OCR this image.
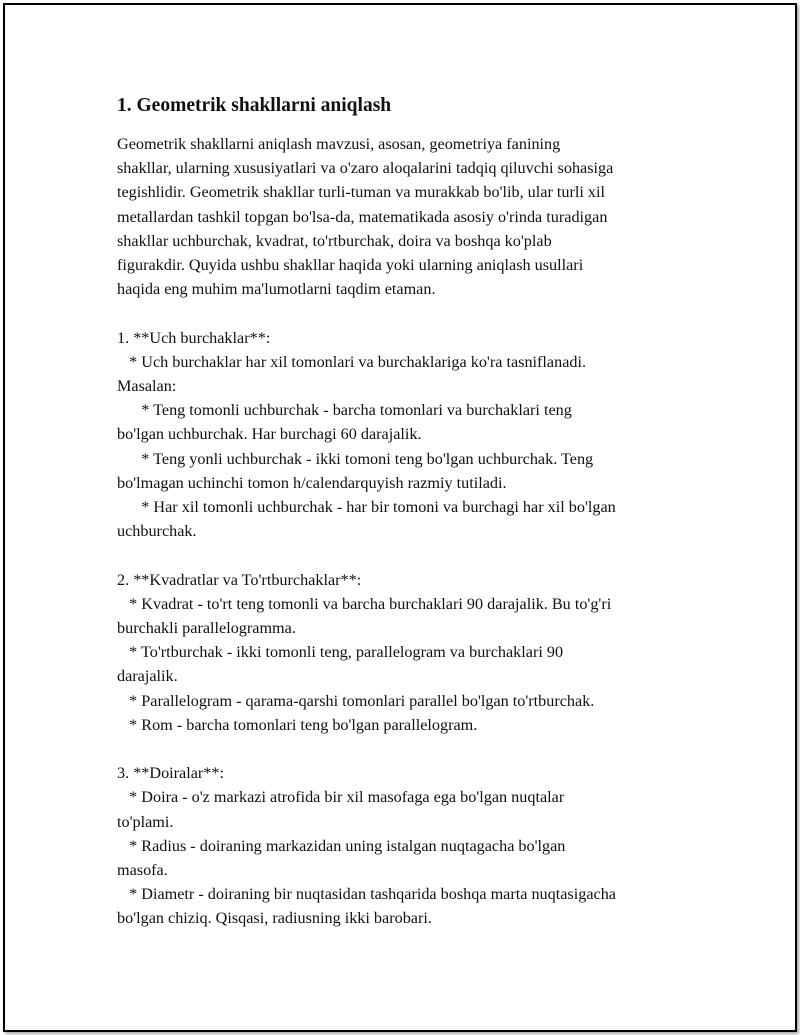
1. Geometrik shakllarni aniqlash
Geometrik shakllarni aniqlash mavzusi, asosan, geometriya fanining
shakllar, ularning xususiyatlari va o'zaro aloqalarini tadqiq qiluvchi sohasiga
tegishlidir. Geometrik shakllar turli-tuman va murakkab bo'lib, ular turli xil
metallardan tashkil topgan bo'lsa-da, matematikada asosiy o'rinda turadigan
shakllar uchburchak, kvadrat, to'rtburchak, doira va boshqa ko'plab
figurakdir. Quyida ushbu shakllar haqida yoki ularning aniqlash usullari
haqida eng muhim ma'lumotlarni taqdim etaman.
1. **Uch burchaklar**:
* Uch burchaklar har xil tomonlari va burchaklariga ko'ra tasniflanadi.
Masalan:
* Teng tomonli uchburchak - barcha tomonlari va burchaklari teng
bo'lgan uchburchak. Har burchagi 60 darajalik.
* Teng yonli uchburchak - ikki tomoni teng bo'lgan uchburchak. Teng
bo'lmagan uchinchi tomon h/calendarquyish razmiy tutiladi.
* Har xil tomonli uchburchak - har bir tomoni va burchagi har xil bo'lgan
uchburchak.
2. **Kvadratlar va To'rtburchaklar**:
* Kvadrat - to'rt teng tomonli va barcha burchaklari 90 darajalik. Bu to'g'ri
burchakli parallelogramma.
* To'rtburchak - ikki tomonli teng, parallelogram va burchaklari 90
darajalik.
* Parallelogram - qarama-qarshi tomonlari parallel bo'lgan to'rtburchak.
* Rom - barcha tomonlari teng bo'lgan parallelogram.
3. **Doiralar**:
* Doira - o'z markazi atrofida bir xil masofaga ega bo'lgan nuqtalar
to'plami.
* Radius - doiraning markazidan uning istalgan nuqtagacha bo'lgan
masofa.
* Diametr - doiraning bir nuqtasidan tashqarida boshqa marta nuqtasigacha
bo'lgan chiziq. Qisqasi, radiusning ikki barobari.
